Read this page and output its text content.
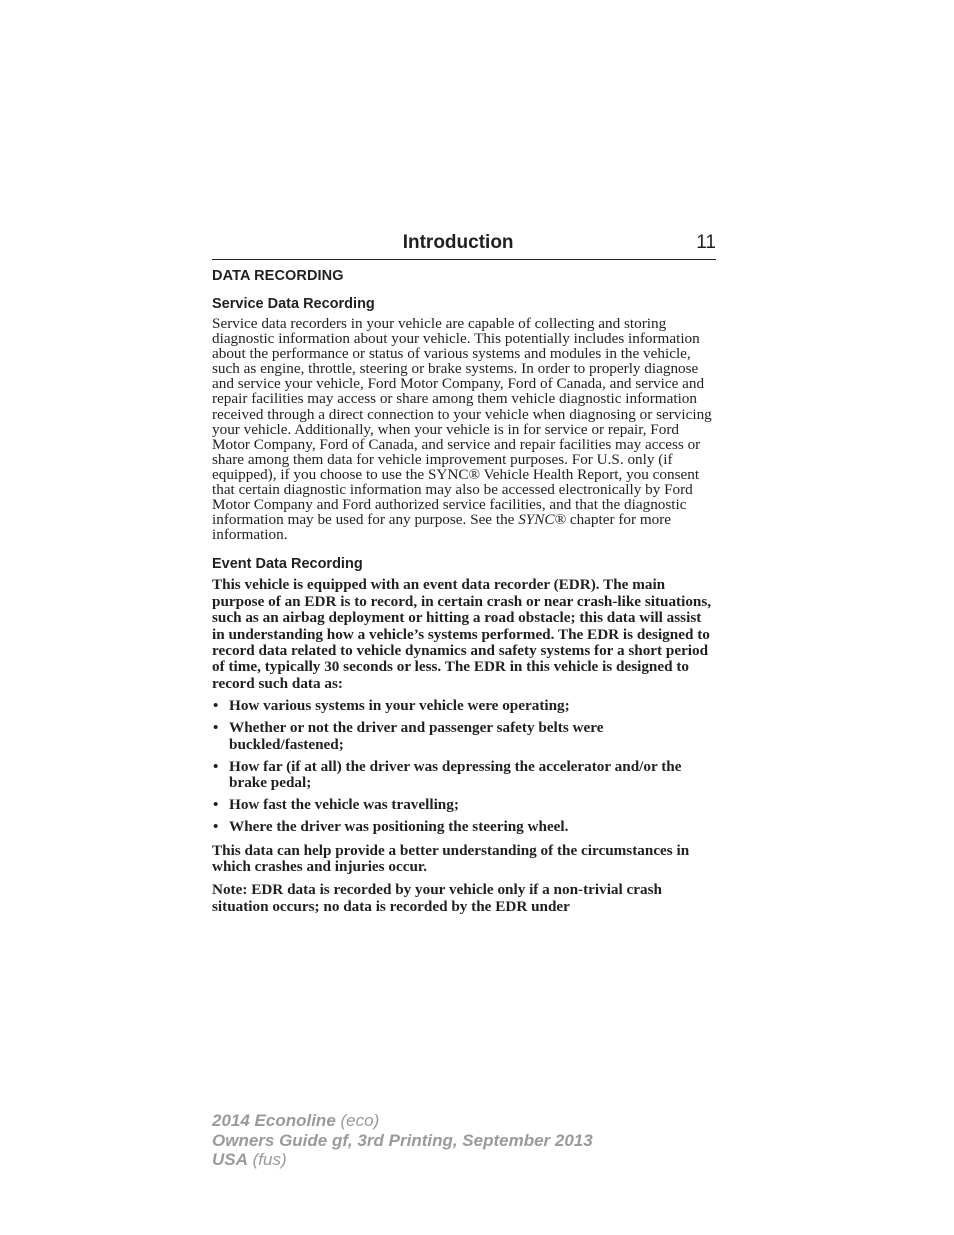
Introduction	11
DATA RECORDING
Service Data Recording

Service data recorders in your vehicle are capable of collecting and storing diagnostic information about your vehicle. This potentially includes information about the performance or status of various systems and modules in the vehicle, such as engine, throttle, steering or brake systems. In order to properly diagnose and service your vehicle, Ford Motor Company, Ford of Canada, and service and repair facilities may access or share among them vehicle diagnostic information received through a direct connection to your vehicle when diagnosing or servicing your vehicle. Additionally, when your vehicle is in for service or repair, Ford Motor Company, Ford of Canada, and service and repair facilities may access or share among them data for vehicle improvement purposes. For U.S. only (if equipped), if you choose to use the SYNC® Vehicle Health Report, you consent that certain diagnostic information may also be accessed electronically by Ford Motor Company and Ford authorized service facilities, and that the diagnostic information may be used for any purpose. See the SYNC® chapter for more information.

Event Data Recording

This vehicle is equipped with an event data recorder (EDR). The main purpose of an EDR is to record, in certain crash or near crash-like situations, such as an airbag deployment or hitting a road obstacle; this data will assist in understanding how a vehicle’s systems performed. The EDR is designed to record data related to vehicle dynamics and safety systems for a short period of time, typically 30 seconds or less. The EDR in this vehicle is designed to record such data as:

• How various systems in your vehicle were operating;
• Whether or not the driver and passenger safety belts were buckled/fastened;
• How far (if at all) the driver was depressing the accelerator and/or the brake pedal;
• How fast the vehicle was travelling;
• Where the driver was positioning the steering wheel.

This data can help provide a better understanding of the circumstances in which crashes and injuries occur.

Note: EDR data is recorded by your vehicle only if a non-trivial crash situation occurs; no data is recorded by the EDR under

2014 Econoline (eco)
Owners Guide gf, 3rd Printing, September 2013
USA (fus)
